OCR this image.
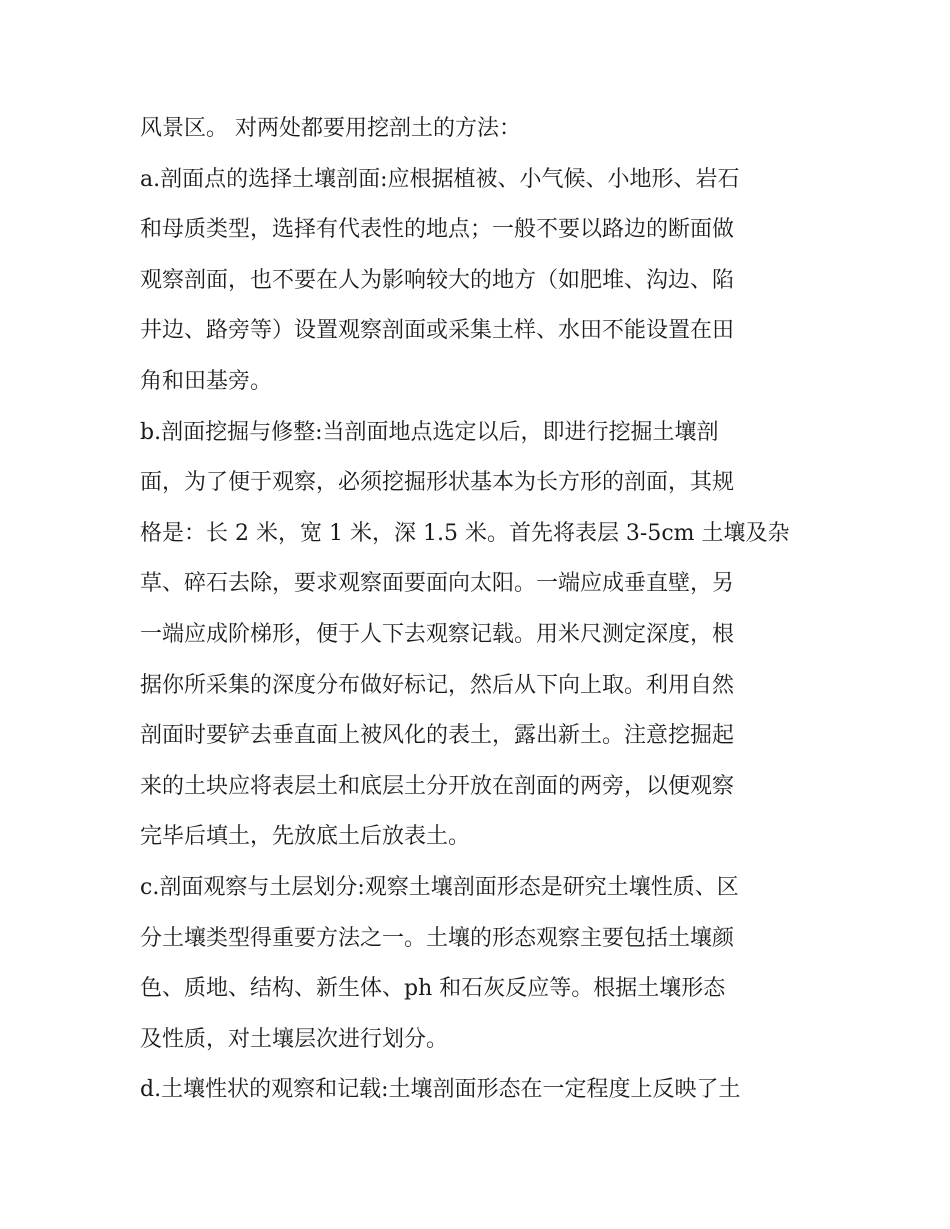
风景区。 对两处都要用挖剖土的方法：
a.剖面点的选择土壤剖面:应根据植被、小气候、小地形、岩石
和母质类型，选择有代表性的地点；一般不要以路边的断面做
观察剖面，也不要在人为影响较大的地方（如肥堆、沟边、陷
井边、路旁等）设置观察剖面或采集土样、水田不能设置在田
角和田基旁。
b.剖面挖掘与修整:当剖面地点选定以后，即进行挖掘土壤剖
面，为了便于观察，必须挖掘形状基本为长方形的剖面，其规
格是：长 2 米，宽 1 米，深 1.5 米。首先将表层 3-5cm 土壤及杂
草、碎石去除，要求观察面要面向太阳。一端应成垂直壁，另
一端应成阶梯形，便于人下去观察记载。用米尺测定深度，根
据你所采集的深度分布做好标记，然后从下向上取。利用自然
剖面时要铲去垂直面上被风化的表土，露出新土。注意挖掘起
来的土块应将表层土和底层土分开放在剖面的两旁，以便观察
完毕后填土，先放底土后放表土。
c.剖面观察与土层划分:观察土壤剖面形态是研究土壤性质、区
分土壤类型得重要方法之一。土壤的形态观察主要包括土壤颜
色、质地、结构、新生体、ph 和石灰反应等。根据土壤形态
及性质，对土壤层次进行划分。
d.土壤性状的观察和记载:土壤剖面形态在一定程度上反映了土
